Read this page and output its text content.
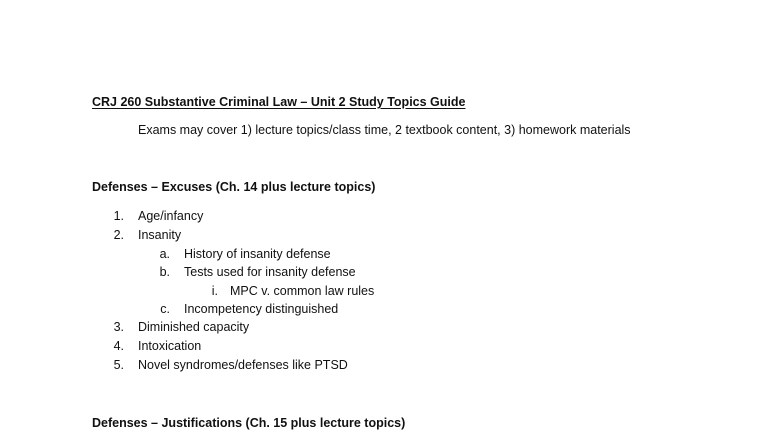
CRJ 260 Substantive Criminal Law – Unit 2 Study Topics Guide
Exams may cover 1) lecture topics/class time, 2 textbook content, 3) homework materials
Defenses – Excuses (Ch. 14 plus lecture topics)
1. Age/infancy
2. Insanity
a. History of insanity defense
b. Tests used for insanity defense
i. MPC v. common law rules
c. Incompetency distinguished
3. Diminished capacity
4. Intoxication
5. Novel syndromes/defenses like PTSD
Defenses – Justifications (Ch. 15 plus lecture topics)
